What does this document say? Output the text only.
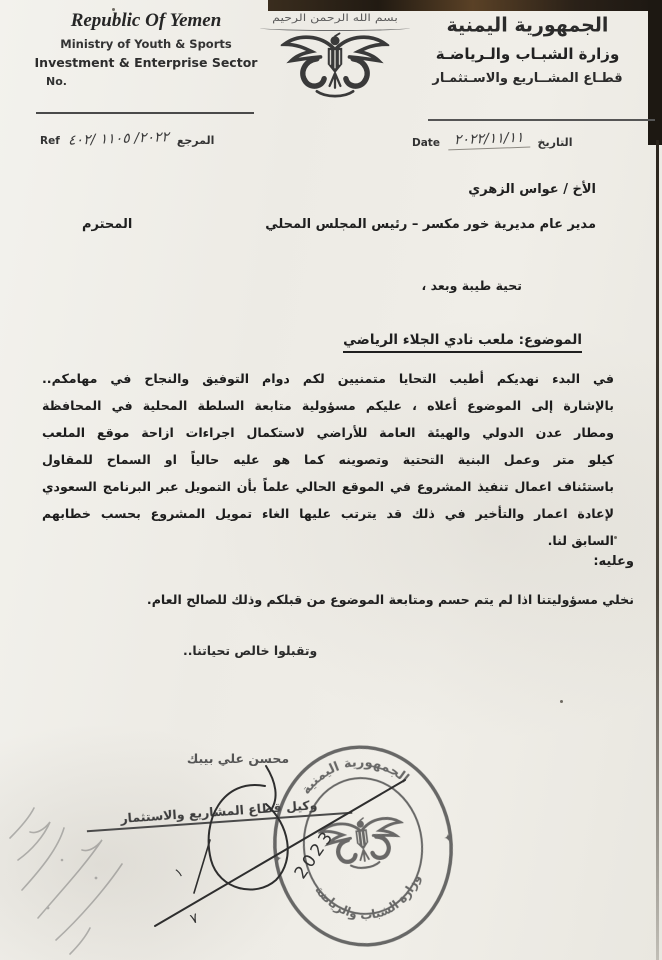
Republic Of Yemen
Ministry of Youth & Sports
Investment & Enterprise Sector
No.
بسم الله الرحمن الرحيم	الجمهورية اليمنية
وزارة الشبـاب والـرياضـة
قطـاع المشــاريع والاسـتثمـار
Ref ٢٠٢٢/ ١١٠٥ /٤٠٢ المرجع	Date ٢٠٢٢/١١/١١	التاريخ
الأخ / عواس الزهري
مدير عام مديرية خور مكسر – رئيس المجلس المحلي
المحترم
تحية طيبة وبعد ،
الموضوع: ملعب نادي الجلاء الرياضي
في البدء نهديكم أطيب التحايا متمنيين لكم دوام التوفيق والنجاح في مهامكم..
بالإشارة إلى الموضوع أعلاه ، عليكم مسؤولية متابعة السلطة المحلية في المحافظة
ومطار عدن الدولي والهيئة العامة للأراضي لاستكمال اجراءات ازاحة موقع الملعب
كيلو متر وعمل البنية التحتية وتصوينه كما هو عليه حالياً او السماح للمقاول
باستئناف اعمال تنفيذ المشروع في الموقع الحالي علماً بأن التمويل عبر البرنامج السعودي
لإعادة اعمار والتأخير في ذلك قد يترتب عليها الغاء تمويل المشروع بحسب خطابهم
السابق لنا.
وعليه:
نخلي مسؤوليتنا اذا لم يتم حسم ومتابعة الموضوع من قبلكم وذلك للصالح العام.
وتقبلوا خالص تحياتنا..
محسن علي بيبك
وكيل قطاع المشاريع والاستثمار
الجمهورية اليمنية
وزارة الشباب والرياضة
✦
✦ 2023
٧
١
